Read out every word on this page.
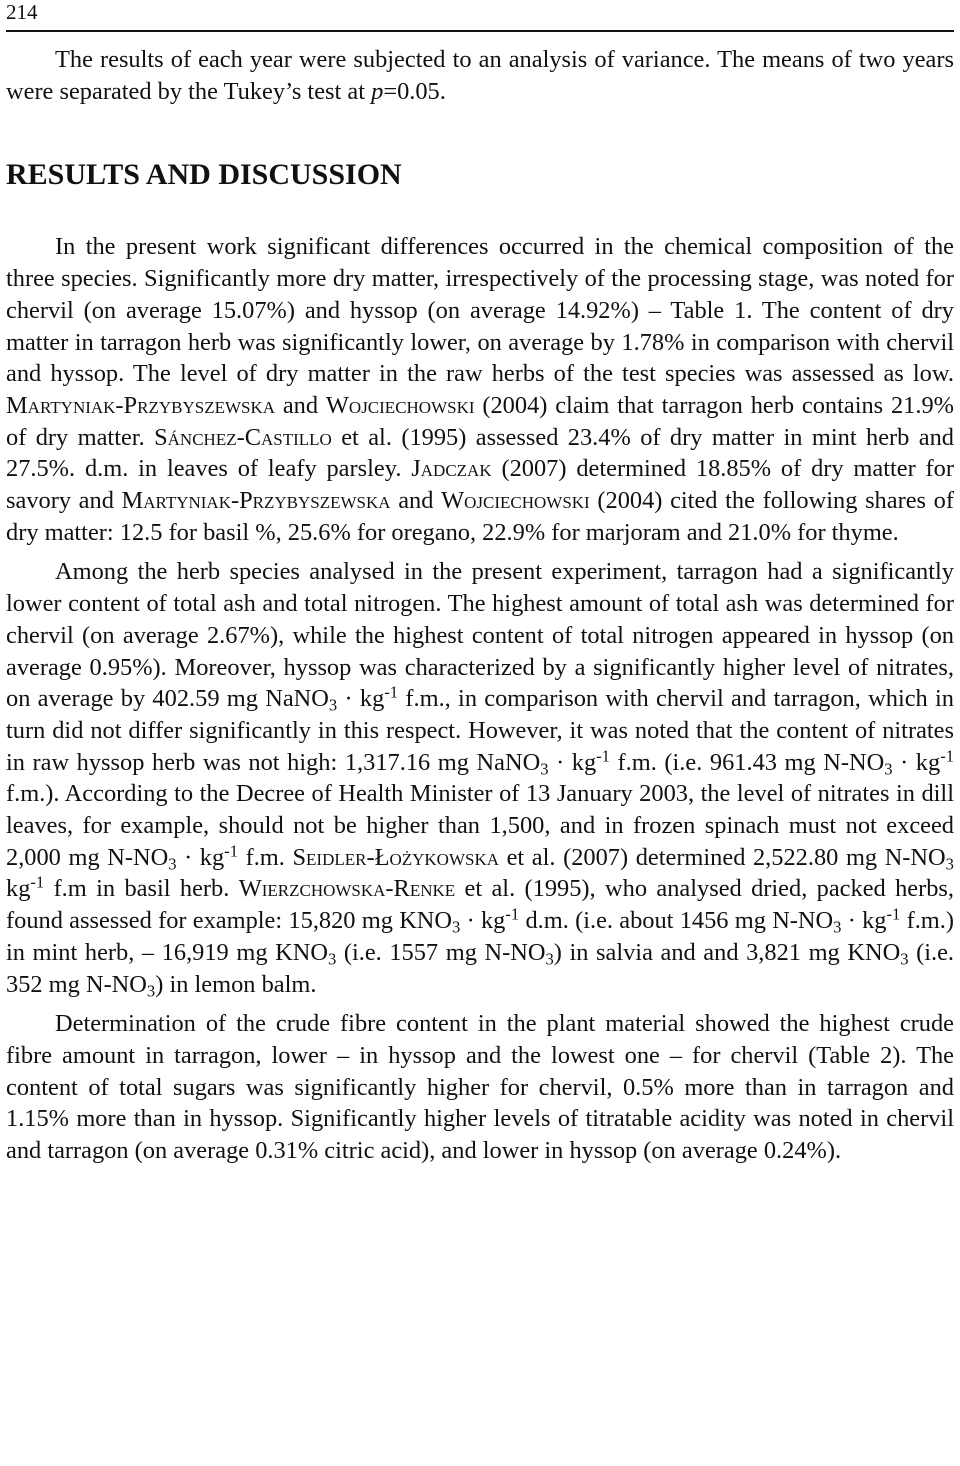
214

The results of each year were subjected to an analysis of variance. The means of two years were separated by the Tukey’s test at p=0.05.

RESULTS AND DISCUSSION

In the present work significant differences occurred in the chemical composition of the three species. Significantly more dry matter, irrespectively of the processing stage, was noted for chervil (on average 15.07%) and hyssop (on average 14.92%) – Table 1. The content of dry matter in tarragon herb was significantly lower, on average by 1.78% in comparison with chervil and hyssop. The level of dry matter in the raw herbs of the test species was assessed as low. Martyniak-Przybyszewska and Wojciechowski (2004) claim that tarragon herb contains 21.9% of dry matter. Sánchez-Castillo et al. (1995) assessed 23.4% of dry matter in mint herb and 27.5%. d.m. in leaves of leafy parsley. Jadczak (2007) determined 18.85% of dry matter for savory and Martyniak-Przybyszewska and Wojciechowski (2004) cited the following shares of dry matter: 12.5 for basil %, 25.6% for oregano, 22.9% for marjoram and 21.0% for thyme.

Among the herb species analysed in the present experiment, tarragon had a significantly lower content of total ash and total nitrogen. The highest amount of total ash was determined for chervil (on average 2.67%), while the highest content of total nitrogen appeared in hyssop (on average 0.95%). Moreover, hyssop was characterized by a significantly higher level of nitrates, on average by 402.59 mg NaNO$_3$ · $kg^{-1}$ f.m., in comparison with chervil and tarragon, which in turn did not differ significantly in this respect. However, it was noted that the content of nitrates in raw hyssop herb was not high: 1,317.16 mg NaNO$_3$ · $kg^{-1}$ f.m. (i.e. 961.43 mg $N-NO_3 \cdot kg^{-1}$ f.m.). According to the Decree of Health Minister of 13 January 2003, the level of nitrates in dill leaves, for example, should not be higher than 1,500, and in frozen spinach must not exceed 2,000 mg $N-NO_3 \cdot kg^{-1}$ f.m. Seidler-Łożykowska et al. (2007) determined 2,522.80 mg $N-NO_3$ $kg^{-1}$ f.m in basil herb. Wierzchowska-Renke et al. (1995), who analysed dried, packed herbs, found assessed for example: 15,820 mg $KNO_3 \cdot kg^{-1}$ d.m. (i.e. about 1456 mg $N-NO_3 \cdot kg^{-1}$ f.m.) in mint herb, – 16,919 mg $KNO_3$ (i.e. 1557 mg $N-NO_3$) in salvia and and 3,821 mg $KNO_3$ (i.e. 352 mg $N-NO_3$) in lemon balm.

Determination of the crude fibre content in the plant material showed the highest crude fibre amount in tarragon, lower – in hyssop and the lowest one – for chervil (Table 2). The content of total sugars was significantly higher for chervil, 0.5% more than in tarragon and 1.15% more than in hyssop. Significantly higher levels of titratable acidity was noted in chervil and tarragon (on average 0.31% citric acid), and lower in hyssop (on average 0.24%).
